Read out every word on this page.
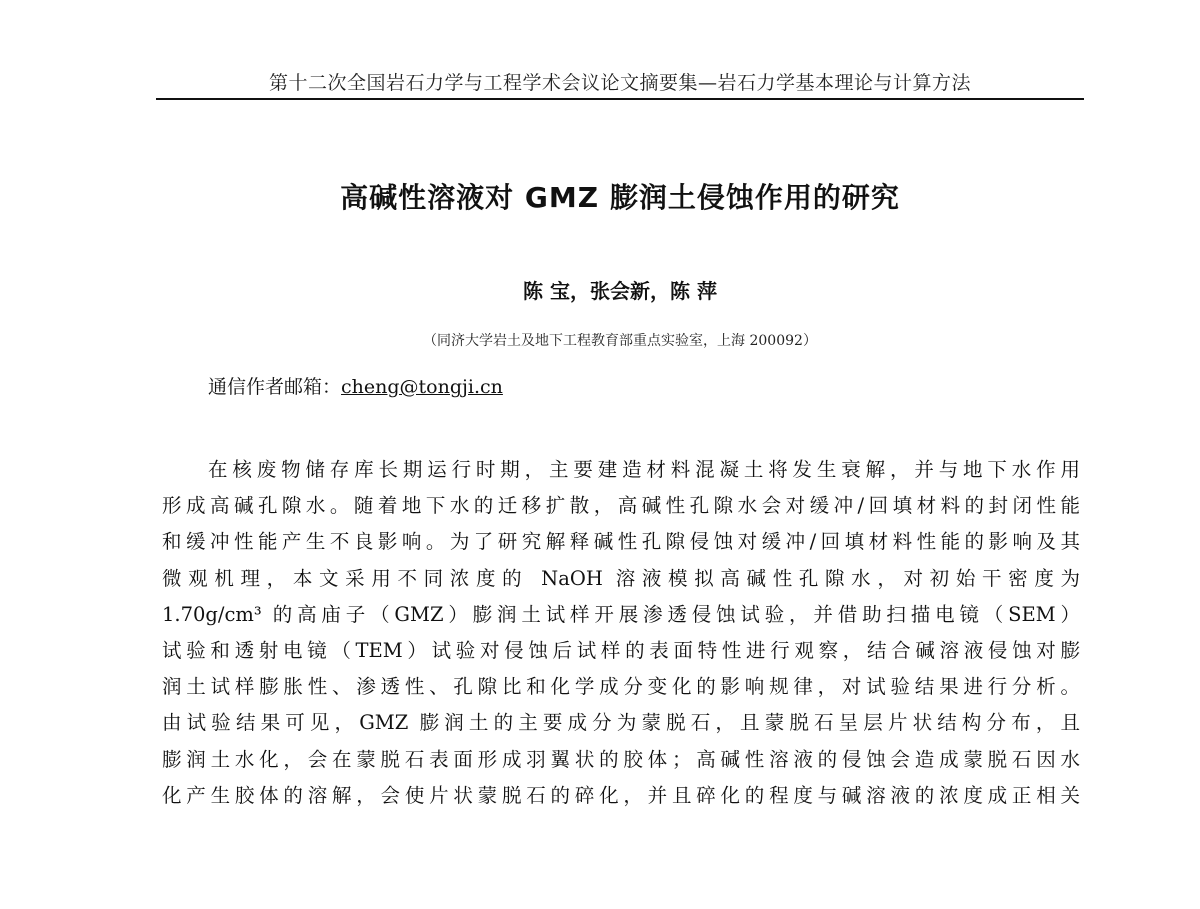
第十二次全国岩石力学与工程学术会议论文摘要集—岩石力学基本理论与计算方法
高碱性溶液对 GMZ 膨润土侵蚀作用的研究
陈 宝，张会新，陈 萍
（同济大学岩土及地下工程教育部重点实验室，上海 200092）
通信作者邮箱：cheng@tongji.cn
在核废物储存库长期运行时期，主要建造材料混凝土将发生衰解，并与地下水作用
形成高碱孔隙水。随着地下水的迁移扩散，高碱性孔隙水会对缓冲/回填材料的封闭性能
和缓冲性能产生不良影响。为了研究解释碱性孔隙侵蚀对缓冲/回填材料性能的影响及其
微观机理，本文采用不同浓度的 NaOH 溶液模拟高碱性孔隙水，对初始干密度为
1.70g/cm³ 的高庙子（GMZ）膨润土试样开展渗透侵蚀试验，并借助扫描电镜（SEM）
试验和透射电镜（TEM）试验对侵蚀后试样的表面特性进行观察，结合碱溶液侵蚀对膨
润土试样膨胀性、渗透性、孔隙比和化学成分变化的影响规律，对试验结果进行分析。
由试验结果可见，GMZ 膨润土的主要成分为蒙脱石，且蒙脱石呈层片状结构分布，且
膨润土水化，会在蒙脱石表面形成羽翼状的胶体；高碱性溶液的侵蚀会造成蒙脱石因水
化产生胶体的溶解，会使片状蒙脱石的碎化，并且碎化的程度与碱溶液的浓度成正相关
